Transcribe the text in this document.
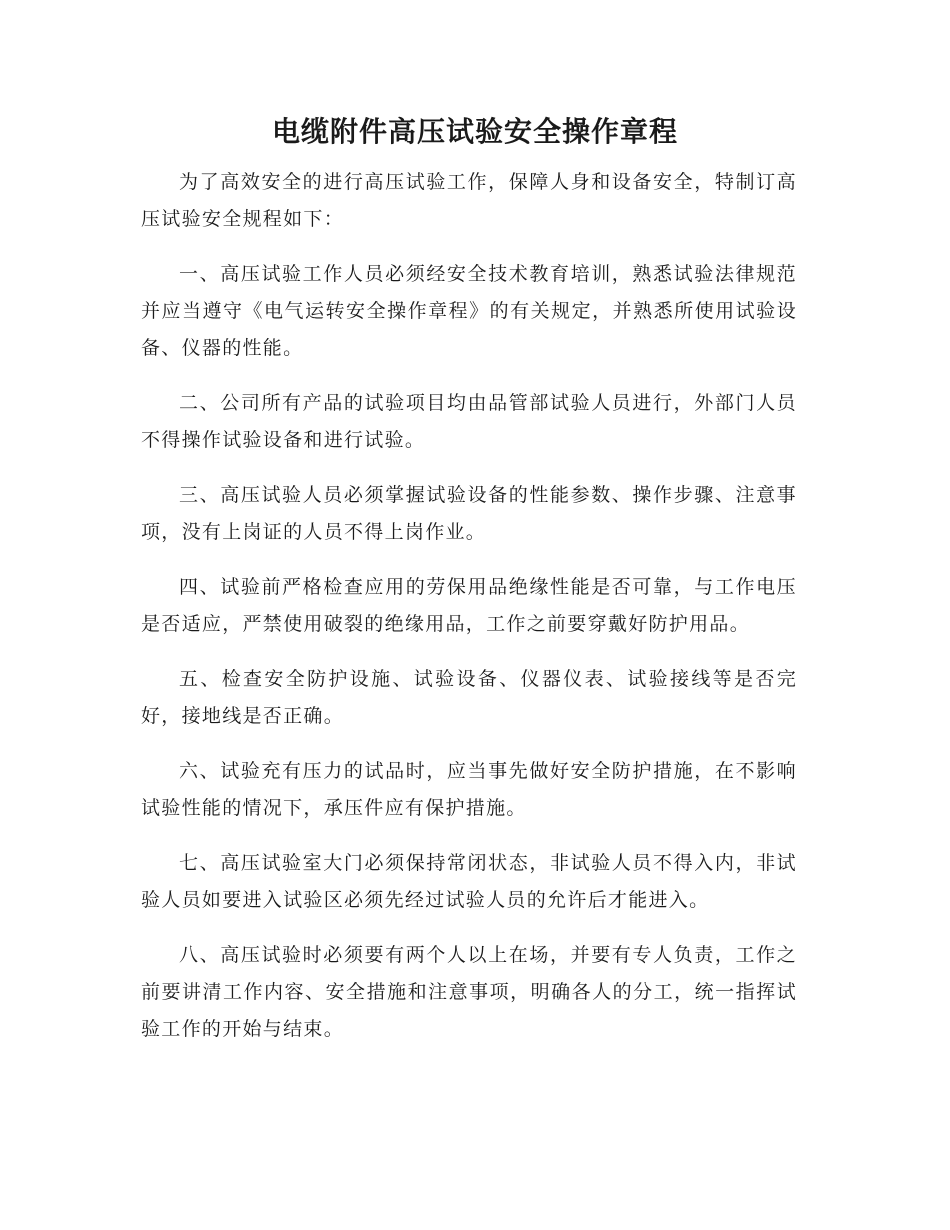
电缆附件高压试验安全操作章程

为了高效安全的进行高压试验工作，保障人身和设备安全，特制订高压试验安全规程如下：

一、高压试验工作人员必须经安全技术教育培训，熟悉试验法律规范并应当遵守《电气运转安全操作章程》的有关规定，并熟悉所使用试验设备、仪器的性能。

二、公司所有产品的试验项目均由品管部试验人员进行，外部门人员不得操作试验设备和进行试验。

三、高压试验人员必须掌握试验设备的性能参数、操作步骤、注意事项，没有上岗证的人员不得上岗作业。

四、试验前严格检查应用的劳保用品绝缘性能是否可靠，与工作电压是否适应，严禁使用破裂的绝缘用品，工作之前要穿戴好防护用品。

五、检查安全防护设施、试验设备、仪器仪表、试验接线等是否完好，接地线是否正确。

六、试验充有压力的试品时，应当事先做好安全防护措施，在不影响试验性能的情况下，承压件应有保护措施。

七、高压试验室大门必须保持常闭状态，非试验人员不得入内，非试验人员如要进入试验区必须先经过试验人员的允许后才能进入。

八、高压试验时必须要有两个人以上在场，并要有专人负责，工作之前要讲清工作内容、安全措施和注意事项，明确各人的分工，统一指挥试验工作的开始与结束。
